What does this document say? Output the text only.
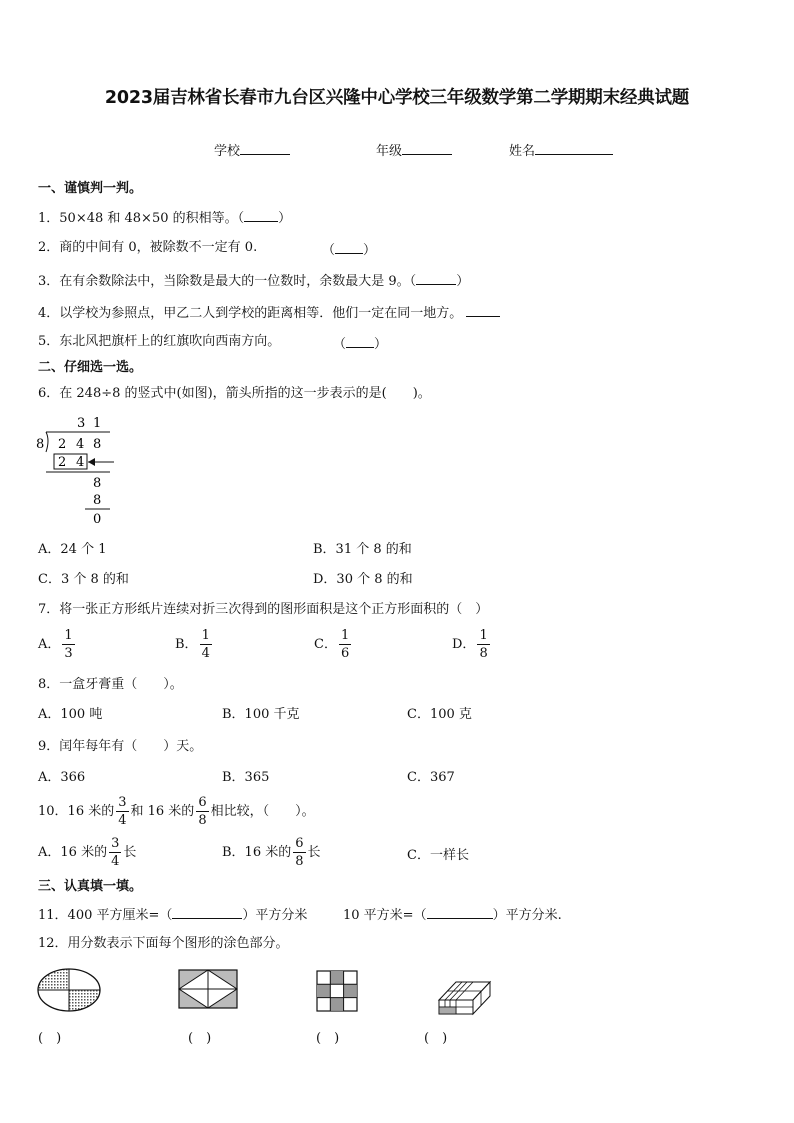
2023届吉林省长春市九台区兴隆中心学校三年级数学第二学期期末经典试题
学校	年级	姓名
一、谨慎判一判。
1．50×48 和 48×50 的积相等。（	）
2．商的中间有 0，被除数不一定有 0.	（ ）
3．在有余数除法中，当除数是最大的一位数时，余数最大是 9。（	）
4．以学校为参照点，甲乙二人到学校的距离相等．他们一定在同一地方。
5．东北风把旗杆上的红旗吹向西南方向。	（ ）
二、仔细选一选。
6．在 248÷8 的竖式中(如图)，箭头所指的这一步表示的是(　　)。
3 1
8 2 4 8
2 4
8
8
0
A．24 个 1	B．31 个 8 的和
C．3 个 8 的和	D．30 个 8 的和
7．将一张正方形纸片连续对折三次得到的图形面积是这个正方形面积的（　）
A． $\frac{1}{3}$	B． $\frac{1}{4}$	C． $\frac{1}{6}$	D． $\frac{1}{8}$
8．一盒牙膏重（　　）。
A．100 吨	B．100 千克	C．100 克
9．闰年每年有（　　）天。
A．366	B．365	C．367
10．16 米的 $\frac{3}{4}$ 和 16 米的 $\frac{6}{8}$ 相比较，（　　）。
A．16 米的 $\frac{3}{4}$ 长	B．16 米的 $\frac{6}{8}$ 长	C．一样长
三、认真填一填。
11．400 平方厘米=（	）平方分米	10 平方米=（	）平方分米.
12．用分数表示下面每个图形的涂色部分。
(　)	(　)	(　)	(　)
